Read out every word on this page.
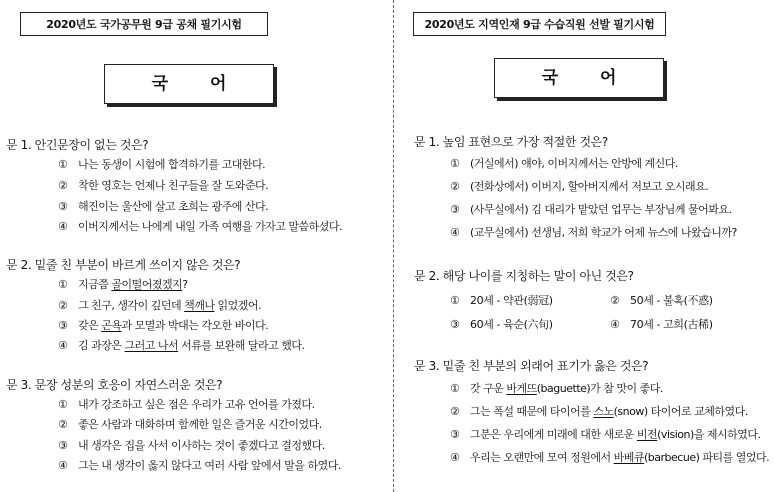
2020년도 국가공무원 9급 공채 필기시험
국 어
문 1. 안긴문장이 없는 것은?
① 나는 동생이 시험에 합격하기를 고대한다.
② 착한 영호는 언제나 친구들을 잘 도와준다.
③ 해진이는 울산에 살고 초희는 광주에 산다.
④ 이버지께서는 나에게 내일 가족 여행을 가자고 말씀하셨다.
문 2. 밑줄 친 부분이 바르게 쓰이지 않은 것은?
① 지금쯤 골이떨어졌겠지?
② 그 친구, 생각이 깊던데 책깨나 읽었겠어.
③ 갖은 곤욕과 모멸과 박대는 각오한 바이다.
④ 김 과장은 그러고 나서 서류를 보완해 달라고 했다.
문 3. 문장 성분의 호응이 자연스러운 것은?
① 내가 강조하고 싶은 점은 우리가 고유 언어를 가졌다.
② 좋은 사람과 대화하며 함께한 일은 즐거운 시간이었다.
③ 내 생각은 집을 사서 이사하는 것이 좋겠다고 결정했다.
④ 그는 내 생각이 옳지 않다고 여러 사람 앞에서 말을 하였다.
2020년도 지역인재 9급 수습직원 선발 필기시험
국 어
문 1. 높임 표현으로 가장 적절한 것은?
① (거실에서) 얘야, 이버지께서는 안방에 계신다.
② (전화상에서) 이버지, 할아버지께서 저보고 오시래요.
③ (사무실에서) 김 대리가 맡았던 업무는 부장님께 물어봐요.
④ (교무실에서) 선생님, 저희 학교가 어제 뉴스에 나왔습니까?
문 2. 해당 나이를 지칭하는 말이 아닌 것은?
① 20세 - 약관(弱冠)	② 50세 - 불혹(不惑)
③ 60세 - 육순(六旬)	④ 70세 - 고희(古稀)
문 3. 밑줄 친 부분의 외래어 표기가 옳은 것은?
① 갓 구운 바게뜨(baguette)가 참 맛이 좋다.
② 그는 폭설 때문에 타이어를 스노(snow) 타이어로 교체하였다.
③ 그분은 우리에게 미래에 대한 새로운 비전(vision)을 제시하였다.
④ 우리는 오랜만에 모여 정원에서 바베큐(barbecue) 파티를 열었다.
